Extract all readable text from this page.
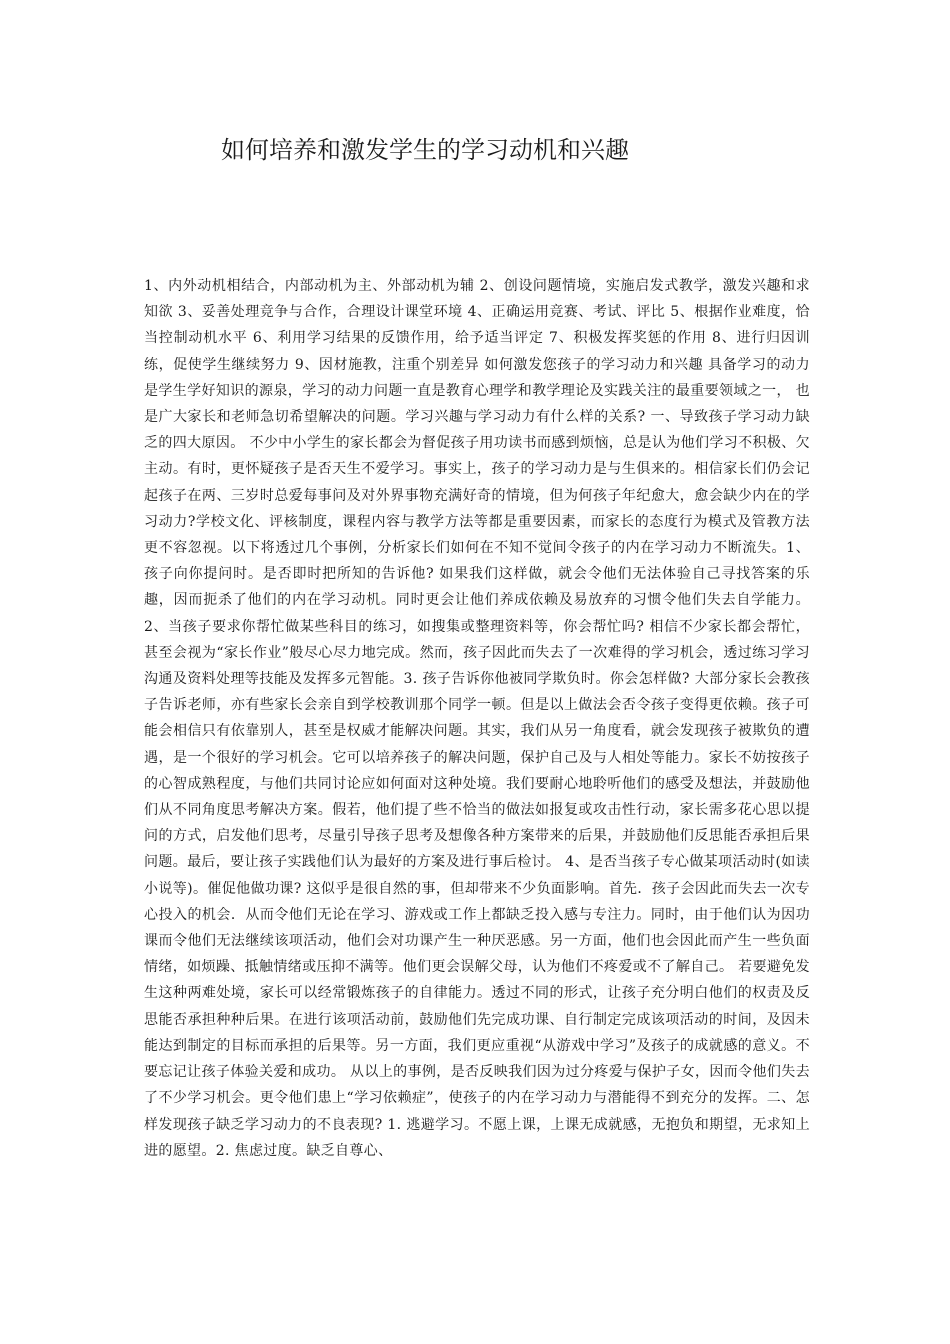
如何培养和激发学生的学习动机和兴趣

1、内外动机相结合，内部动机为主、外部动机为辅 2、创设问题情境，实施启发式教学，激发兴趣和求知欲 3、妥善处理竞争与合作，合理设计课堂环境 4、正确运用竞赛、考试、评比 5、根据作业难度，恰当控制动机水平 6、利用学习结果的反馈作用，给予适当评定 7、积极发挥奖惩的作用 8、进行归因训练，促使学生继续努力 9、因材施教，注重个别差异 如何激发您孩子的学习动力和兴趣 具备学习的动力是学生学好知识的源泉，学习的动力问题一直是教育心理学和教学理论及实践关注的最重要领域之一， 也是广大家长和老师急切希望解决的问题。学习兴趣与学习动力有什么样的关系? 一、导致孩子学习动力缺乏的四大原因。 不少中小学生的家长都会为督促孩子用功读书而感到烦恼，总是认为他们学习不积极、欠主动。有时，更怀疑孩子是否天生不爱学习。事实上，孩子的学习动力是与生俱来的。相信家长们仍会记起孩子在两、三岁时总爱每事问及对外界事物充满好奇的情境，但为何孩子年纪愈大，愈会缺少内在的学习动力?学校文化、评核制度，课程内容与教学方法等都是重要因素，而家长的态度行为模式及管教方法更不容忽视。以下将透过几个事例，分析家长们如何在不知不觉间令孩子的内在学习动力不断流失。1、孩子向你提问时。是否即时把所知的告诉他? 如果我们这样做，就会令他们无法体验自己寻找答案的乐趣，因而扼杀了他们的内在学习动机。同时更会让他们养成依赖及易放弃的习惯令他们失去自学能力。 2、当孩子要求你帮忙做某些科目的练习，如搜集或整理资料等，你会帮忙吗? 相信不少家长都会帮忙，甚至会视为“家长作业”般尽心尽力地完成。然而，孩子因此而失去了一次难得的学习机会，透过练习学习沟通及资料处理等技能及发挥多元智能。3. 孩子告诉你他被同学欺负时。你会怎样做? 大部分家长会教孩子告诉老师，亦有些家长会亲自到学校教训那个同学一顿。但是以上做法会否令孩子变得更依赖。孩子可能会相信只有依靠别人，甚至是权威才能解决问题。其实，我们从另一角度看，就会发现孩子被欺负的遭遇，是一个很好的学习机会。它可以培养孩子的解决问题，保护自己及与人相处等能力。家长不妨按孩子的心智成熟程度，与他们共同讨论应如何面对这种处境。我们要耐心地聆听他们的感受及想法，并鼓励他们从不同角度思考解决方案。假若，他们提了些不恰当的做法如报复或攻击性行动，家长需多花心思以提问的方式，启发他们思考，尽量引导孩子思考及想像各种方案带来的后果，并鼓励他们反思能否承担后果问题。最后，要让孩子实践他们认为最好的方案及进行事后检讨。 4、是否当孩子专心做某项活动时(如读小说等)。催促他做功课? 这似乎是很自然的事，但却带来不少负面影响。首先．孩子会因此而失去一次专心投入的机会．从而令他们无论在学习、游戏或工作上都缺乏投入感与专注力。同时，由于他们认为因功课而令他们无法继续该项活动，他们会对功课产生一种厌恶感。另一方面，他们也会因此而产生一些负面情绪，如烦躁、抵触情绪或压抑不满等。他们更会误解父母，认为他们不疼爱或不了解自己。 若要避免发生这种两难处境，家长可以经常锻炼孩子的自律能力。透过不同的形式，让孩子充分明白他们的权责及反思能否承担种种后果。在进行该项活动前，鼓励他们先完成功课、自行制定完成该项活动的时间，及因未能达到制定的目标而承担的后果等。另一方面，我们更应重视“从游戏中学习”及孩子的成就感的意义。不要忘记让孩子体验关爱和成功。 从以上的事例，是否反映我们因为过分疼爱与保护子女，因而令他们失去了不少学习机会。更令他们患上“学习依赖症”，使孩子的内在学习动力与潜能得不到充分的发挥。二、怎样发现孩子缺乏学习动力的不良表现? 1. 逃避学习。不愿上课，上课无成就感，无抱负和期望，无求知上进的愿望。2. 焦虑过度。缺乏自尊心、
